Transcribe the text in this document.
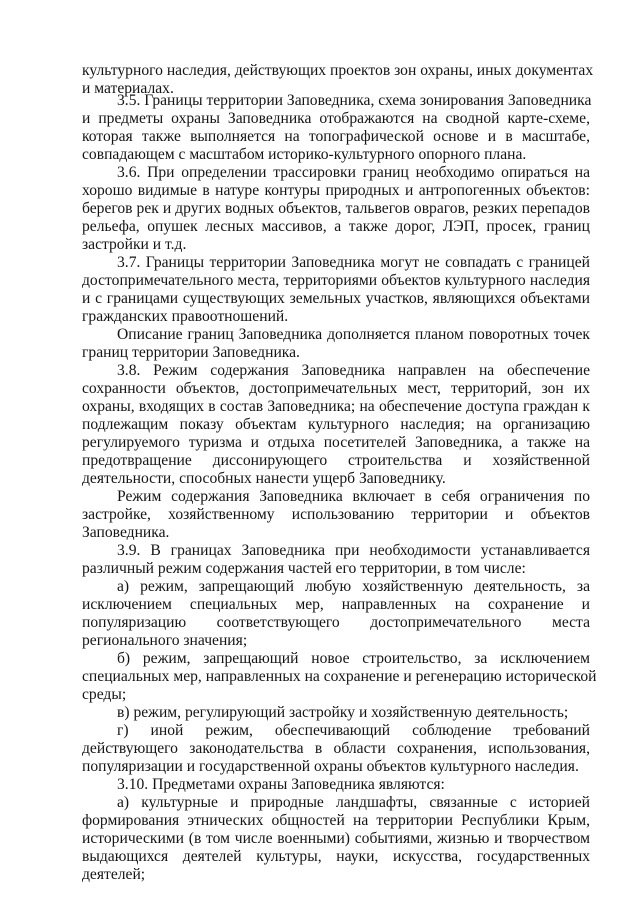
культурного наследия, действующих проектов зон охраны, иных документах
и материалах.
3.5. Границы территории Заповедника, схема зонирования Заповедника
и предметы охраны Заповедника отображаются на сводной карте-схеме,
которая также выполняется на топографической основе и в масштабе,
совпадающем с масштабом историко-культурного опорного плана.
3.6. При определении трассировки границ необходимо опираться на
хорошо видимые в натуре контуры природных и антропогенных объектов:
берегов рек и других водных объектов, тальвегов оврагов, резких перепадов
рельефа, опушек лесных массивов, а также дорог, ЛЭП, просек, границ
застройки и т.д.
3.7. Границы территории Заповедника могут не совпадать с границей
достопримечательного места, территориями объектов культурного наследия
и с границами существующих земельных участков, являющихся объектами
гражданских правоотношений.
Описание границ Заповедника дополняется планом поворотных точек
границ территории Заповедника.
3.8. Режим содержания Заповедника направлен на обеспечение
сохранности объектов, достопримечательных мест, территорий, зон их
охраны, входящих в состав Заповедника; на обеспечение доступа граждан к
подлежащим показу объектам культурного наследия; на организацию
регулируемого туризма и отдыха посетителей Заповедника, а также на
предотвращение диссонирующего строительства и хозяйственной
деятельности, способных нанести ущерб Заповеднику.
Режим содержания Заповедника включает в себя ограничения по
застройке, хозяйственному использованию территории и объектов
Заповедника.
3.9. В границах Заповедника при необходимости устанавливается
различный режим содержания частей его территории, в том числе:
а) режим, запрещающий любую хозяйственную деятельность, за
исключением специальных мер, направленных на сохранение и
популяризацию соответствующего достопримечательного места
регионального значения;
б) режим, запрещающий новое строительство, за исключением
специальных мер, направленных на сохранение и регенерацию исторической
среды;
в) режим, регулирующий застройку и хозяйственную деятельность;
г) иной режим, обеспечивающий соблюдение требований
действующего законодательства в области сохранения, использования,
популяризации и государственной охраны объектов культурного наследия.
3.10. Предметами охраны Заповедника являются:
а) культурные и природные ландшафты, связанные с историей
формирования этнических общностей на территории Республики Крым,
историческими (в том числе военными) событиями, жизнью и творчеством
выдающихся деятелей культуры, науки, искусства, государственных
деятелей;
